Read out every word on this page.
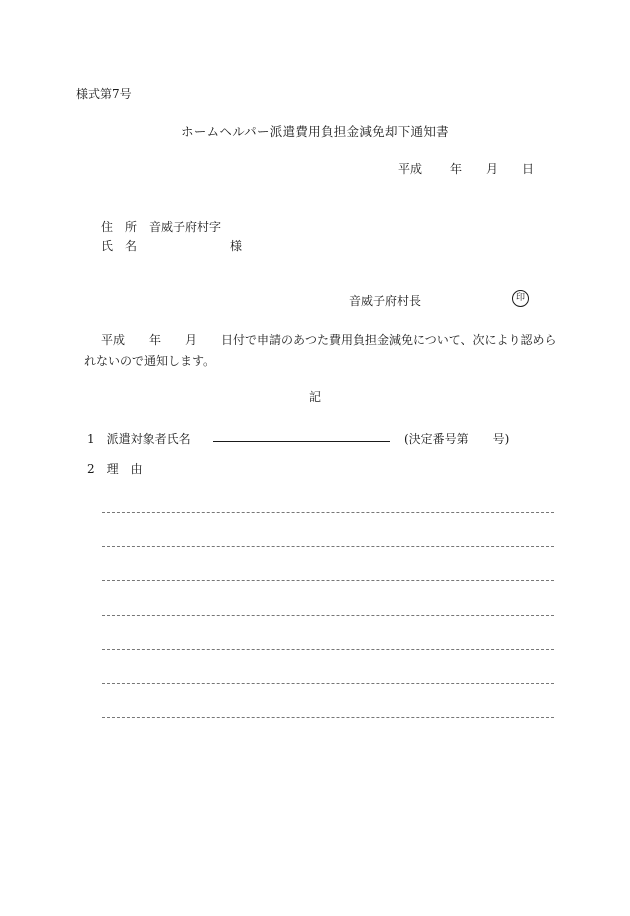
様式第7号
ホームヘルパー派遣費用負担金減免却下通知書
平成 年 月 日
住　所 音威子府村字
氏　名	様
音威子府村長	印
平成　　年　　月　　日付で申請のあつた費用負担金減免について、次により認めら
れないので通知します。
記
1　派遣対象者氏名	(決定番号第　　号)
2　理　由
